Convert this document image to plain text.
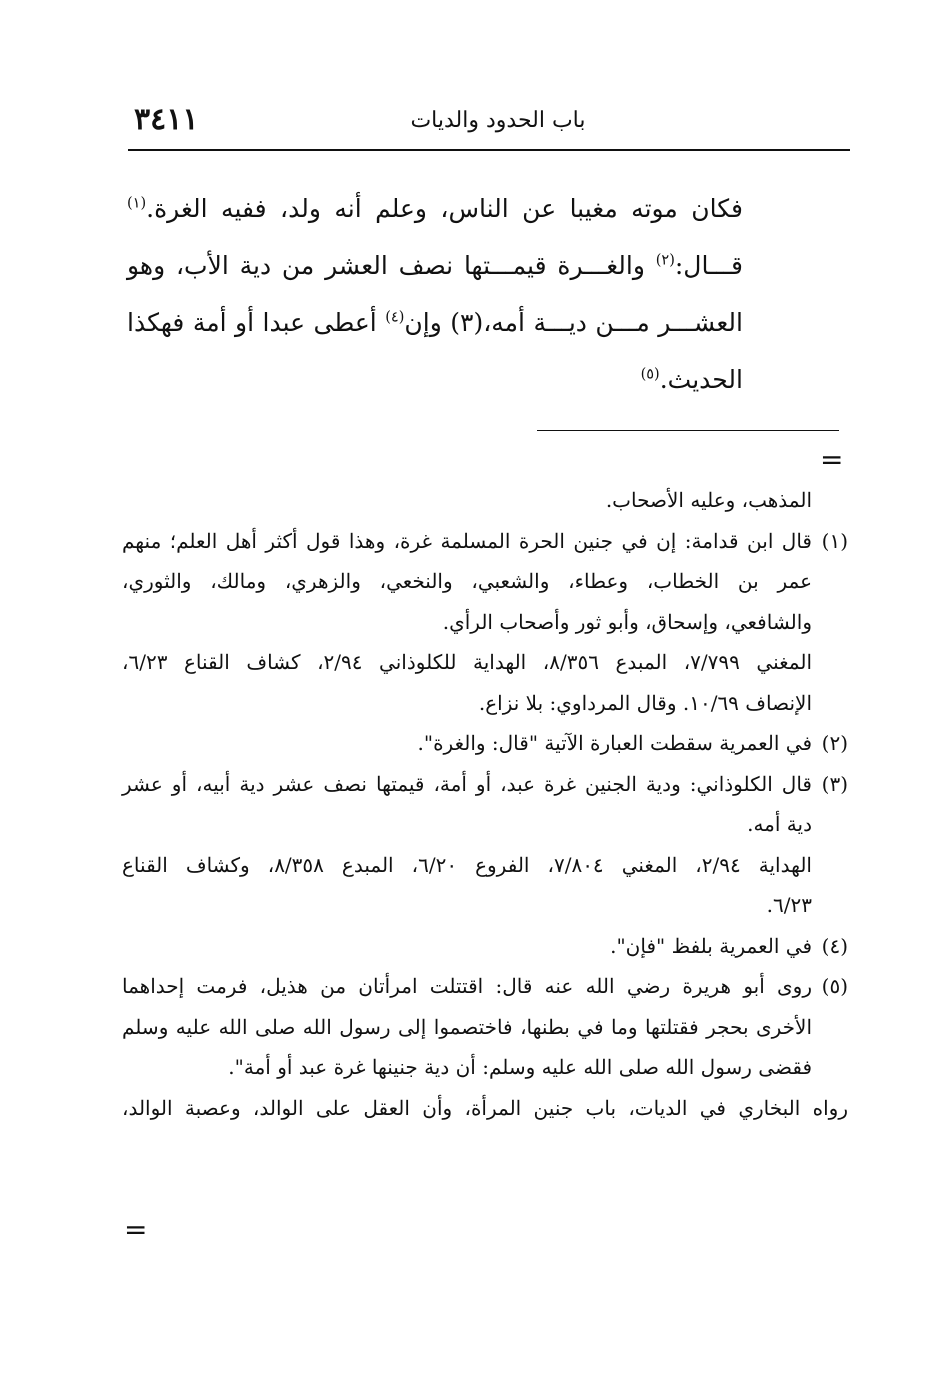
٣٤١١	باب الحدود والديات
فكان موته مغيبا عن الناس، وعلم أنه ولد، ففيه الغرة.$^{(١)}$
قـــال:$^{(٢)}$ والغـــرة قيمـــتها نصف العشر من دية الأب، وهو
العشـــر مـــن ديـــة أمه،(٣) وإن$^{(٤)}$ أعطى عبدا أو أمة فهكذا
الحديث.$^{(٥)}$
=
المذهب، وعليه الأصحاب.
(١)قال ابن قدامة: إن في جنين الحرة المسلمة غرة، وهذا قول أكثر أهل العلم؛ منهم
عمر بن الخطاب، وعطاء، والشعبي، والنخعي، والزهري، ومالك، والثوري،
والشافعي، وإسحاق، وأبو ثور وأصحاب الرأي.
المغني ٧/٧٩٩، المبدع ٨/٣٥٦، الهداية للكلوذاني ٢/٩٤، كشاف القناع ٦/٢٣،
الإنصاف ١٠/٦٩. وقال المرداوي: بلا نزاع.
(٢)في العمرية سقطت العبارة الآتية "قال: والغرة".
(٣)قال الكلوذاني: ودية الجنين غرة عبد، أو أمة، قيمتها نصف عشر دية أبيه، أو عشر
دية أمه.
الهداية ٢/٩٤، المغني ٧/٨٠٤، الفروع ٦/٢٠، المبدع ٨/٣٥٨، وكشاف القناع
٦/٢٣.
(٤)في العمرية بلفظ "فإن".
(٥)روى أبو هريرة رضي الله عنه قال: اقتتلت امرأتان من هذيل، فرمت إحداهما
الأخرى بحجر فقتلتها وما في بطنها، فاختصموا إلى رسول الله صلى الله عليه وسلم
فقضى رسول الله صلى الله عليه وسلم: أن دية جنينها غرة عبد أو أمة".
رواه البخاري في الديات، باب جنين المرأة، وأن العقل على الوالد، وعصبة الوالد،
=
